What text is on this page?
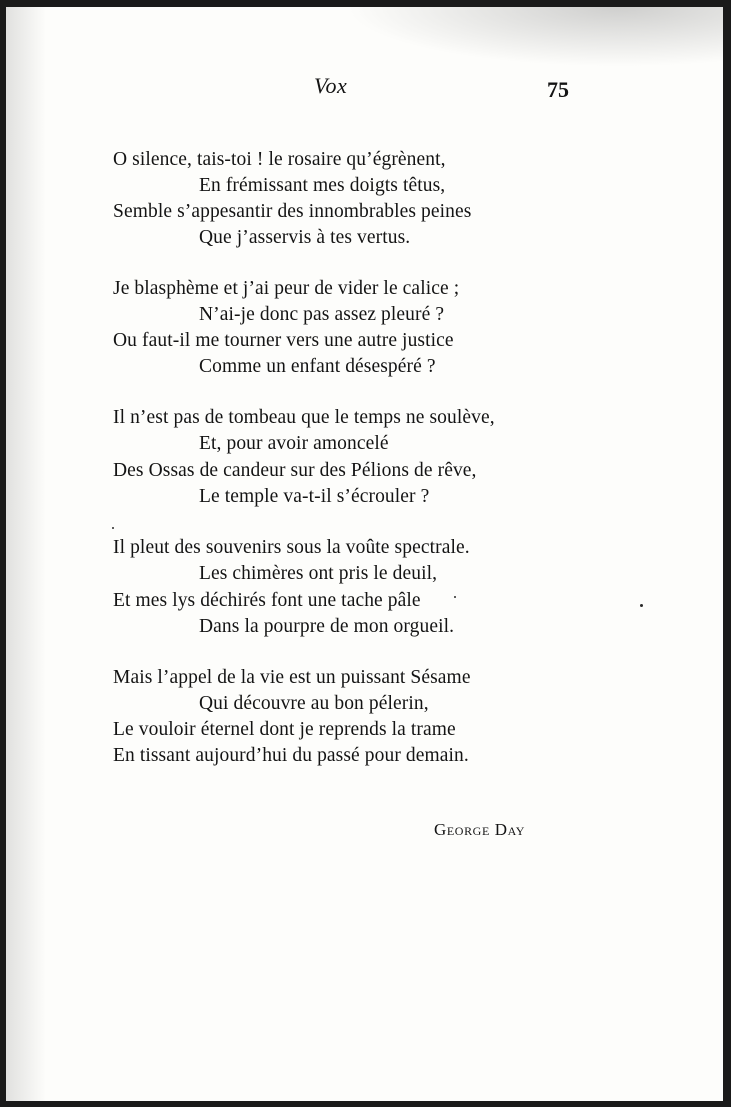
Vox	75
O silence, tais-toi ! le rosaire qu’égrènent,
En frémissant mes doigts têtus,
Semble s’appesantir des innombrables peines
Que j’asservis à tes vertus.
Je blasphème et j’ai peur de vider le calice ;
N’ai-je donc pas assez pleuré ?
Ou faut-il me tourner vers une autre justice
Comme un enfant désespéré ?
Il n’est pas de tombeau que le temps ne soulève,
Et, pour avoir amoncelé
Des Ossas de candeur sur des Pélions de rêve,
Le temple va-t-il s’écrouler ?
Il pleut des souvenirs sous la voûte spectrale.
Les chimères ont pris le deuil,
Et mes lys déchirés font une tache pâle
Dans la pourpre de mon orgueil.
Mais l’appel de la vie est un puissant Sésame
Qui découvre au bon pélerin,
Le vouloir éternel dont je reprends la trame
En tissant aujourd’hui du passé pour demain.
George Day
